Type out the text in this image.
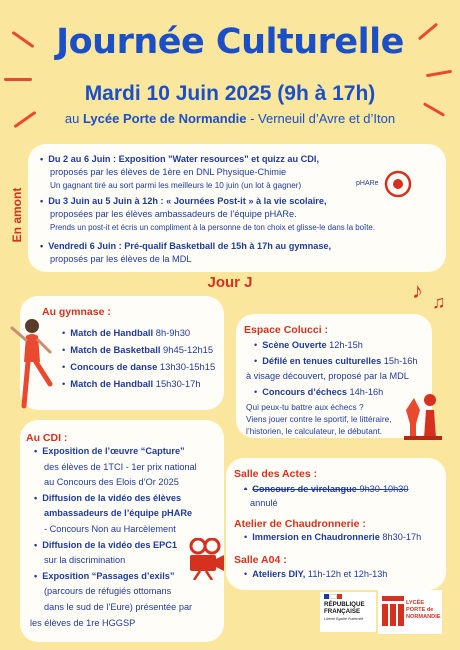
Journée Culturelle
Mardi 10 Juin 2025 (9h à 17h)
au Lycée Porte de Normandie - Verneuil d’Avre et d’Iton
En amont
• Du 2 au 6 Juin : Exposition "Water resources" et quizz au CDI,
proposés par les élèves de 1ère en DNL Physique-Chimie
Un gagnant tiré au sort parmi les meilleurs le 10 juin (un lot à gagner)
• Du 3 Juin au 5 Juin à 12h : « Journées Post-it » à la vie scolaire,
proposées par les élèves ambassadeurs de l’équipe pHARe.
Prends un post-it et écris un compliment à la personne de ton choix et glisse-le dans la boîte.
• Vendredi 6 Juin : Pré-qualif Basketball de 15h à 17h au gymnase,
proposés par les élèves de la MDL
pHARe
Jour J	♪ ♫
Au gymnase :
• Match de Handball 8h-9h30
• Match de Basketball 9h45-12h15
• Concours de danse 13h30-15h15
• Match de Handball 15h30-17h
Espace Colucci :
• Scène Ouverte 12h-15h
• Défilé en tenues culturelles 15h-16h
à visage découvert, proposé par la MDL
• Concours d’échecs 14h-16h
Qui peux-tu battre aux échecs ?
Viens jouer contre le sportif, le littéraire,
l’historien, le calculateur, le débutant.
Au CDI :
• Exposition de l’œuvre “Capture”
des élèves de 1TCI - 1er prix national
au Concours des Elois d’Or 2025
• Diffusion de la vidéo des élèves
ambassadeurs de l’équipe pHARe
- Concours Non au Harcèlement
• Diffusion de la vidéo des EPC1
sur la discrimination
• Exposition “Passages d’exils”
(parcours de réfugiés ottomans
dans le sud de l’Eure) présentée par
les élèves de 1re HGGSP
Salle des Actes :
• Concours de virelangue 9h30-10h30
annulé
Atelier de Chaudronnerie :
• Immersion en Chaudronnerie 8h30-17h
Salle A04 :
• Ateliers DIY, 11h-12h et 12h-13h
RÉPUBLIQUE
FRANÇAISE
Liberté Égalité Fraternité
LYCÉE
PORTE de
NORMANDIE
